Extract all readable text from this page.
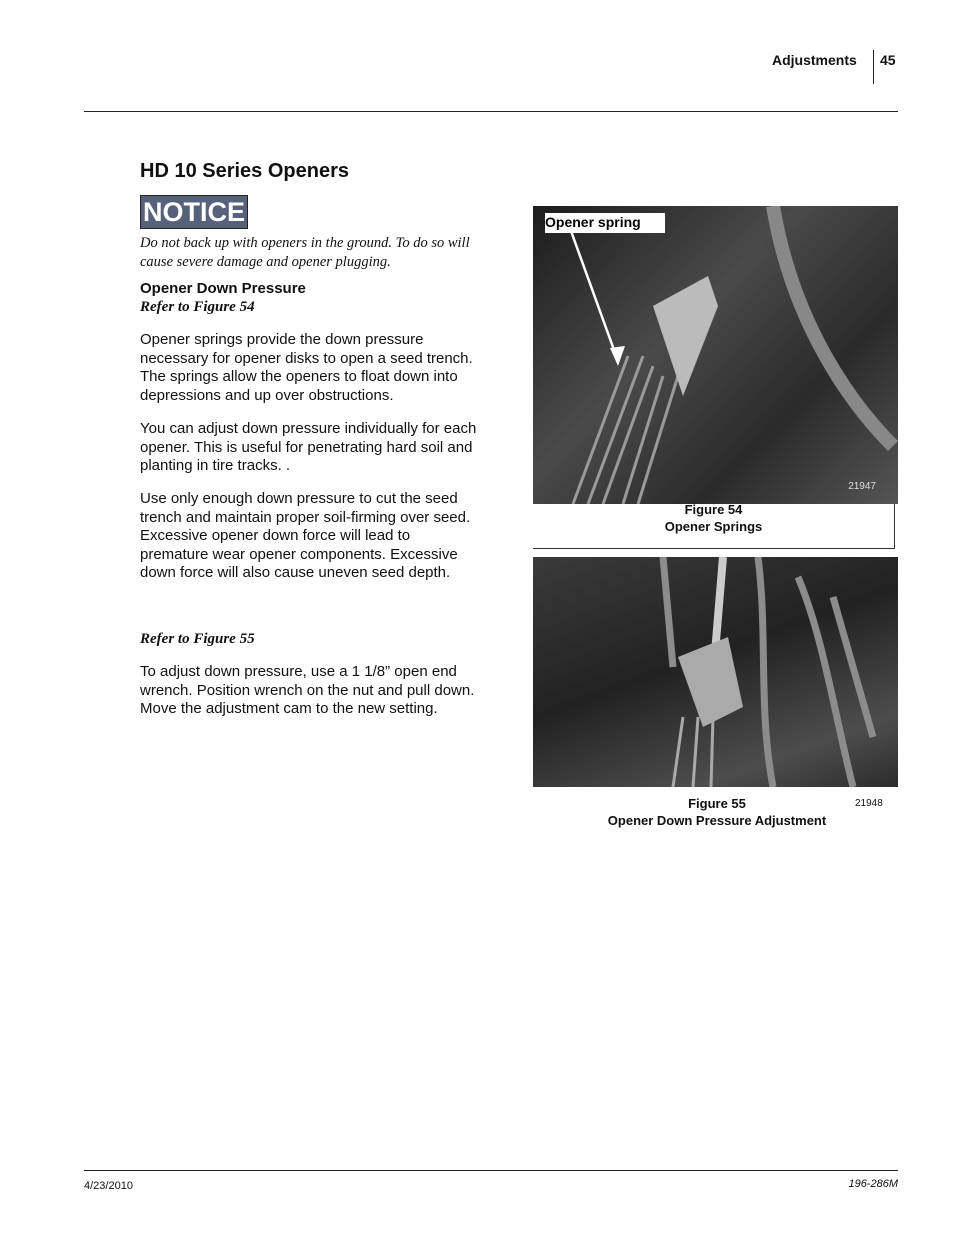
Adjustments 45
HD 10 Series Openers
NOTICE
Do not back up with openers in the ground. To do so will cause severe damage and opener plugging.
Opener Down Pressure
Refer to Figure 54
Opener springs provide the down pressure necessary for opener disks to open a seed trench. The springs allow the openers to float down into depressions and up over obstructions.
You can adjust down pressure individually for each opener. This is useful for penetrating hard soil and planting in tire tracks. .
Use only enough down pressure to cut the seed trench and maintain proper soil-firming over seed. Excessive opener down force will lead to premature wear opener components. Excessive down force will also cause uneven seed depth.
Refer to Figure 55
To adjust down pressure, use a 1 1/8” open end wrench. Position wrench on the nut and pull down. Move the adjustment cam to the new setting.
Opener spring
21947
Figure 54
Opener Springs
Figure 55
Opener Down Pressure Adjustment
21948
4/23/2010	196-286M
